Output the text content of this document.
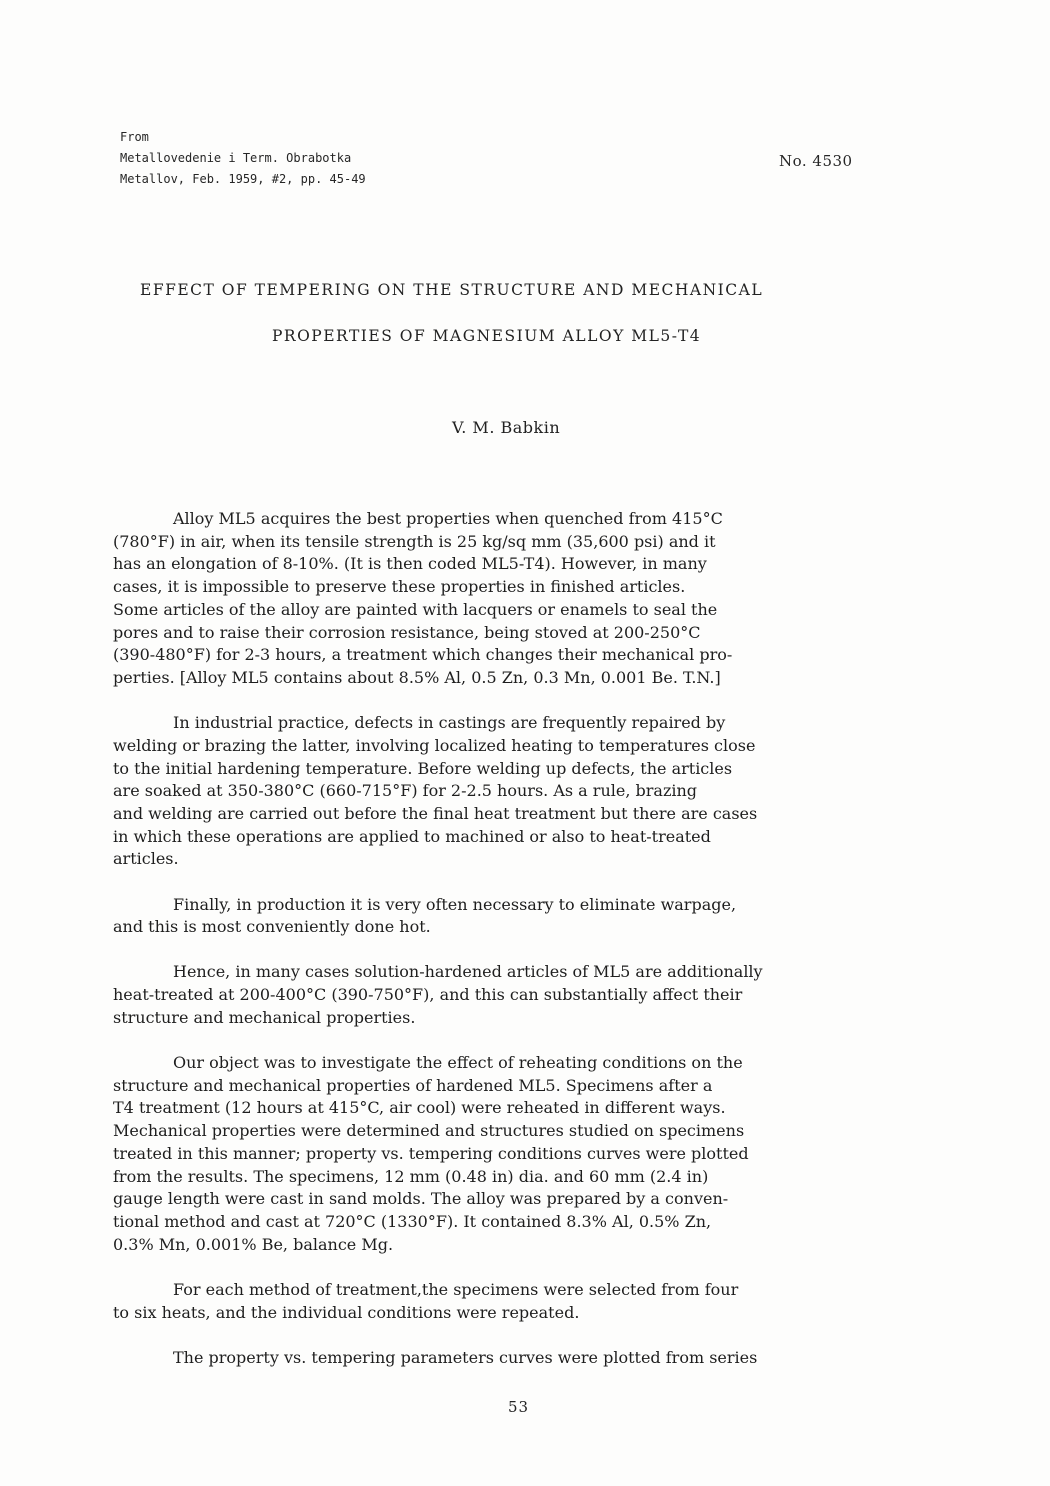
From
Metallovedenie i Term. Obrabotka
Metallov, Feb. 1959, #2, pp. 45-49
No. 4530
EFFECT OF TEMPERING ON THE STRUCTURE AND MECHANICAL
PROPERTIES OF MAGNESIUM ALLOY ML5-T4
V. M. Babkin
Alloy ML5 acquires the best properties when quenched from 415°C
(780°F) in air, when its tensile strength is 25 kg/sq mm (35,600 psi) and it
has an elongation of 8-10%. (It is then coded ML5-T4). However, in many
cases, it is impossible to preserve these properties in finished articles.
Some articles of the alloy are painted with lacquers or enamels to seal the
pores and to raise their corrosion resistance, being stoved at 200-250°C
(390-480°F) for 2-3 hours, a treatment which changes their mechanical pro-
perties. [Alloy ML5 contains about 8.5% Al, 0.5 Zn, 0.3 Mn, 0.001 Be. T.N.]
In industrial practice, defects in castings are frequently repaired by
welding or brazing the latter, involving localized heating to temperatures close
to the initial hardening temperature. Before welding up defects, the articles
are soaked at 350-380°C (660-715°F) for 2-2.5 hours. As a rule, brazing
and welding are carried out before the final heat treatment but there are cases
in which these operations are applied to machined or also to heat-treated
articles.
Finally, in production it is very often necessary to eliminate warpage,
and this is most conveniently done hot.
Hence, in many cases solution-hardened articles of ML5 are additionally
heat-treated at 200-400°C (390-750°F), and this can substantially affect their
structure and mechanical properties.
Our object was to investigate the effect of reheating conditions on the
structure and mechanical properties of hardened ML5. Specimens after a
T4 treatment (12 hours at 415°C, air cool) were reheated in different ways.
Mechanical properties were determined and structures studied on specimens
treated in this manner; property vs. tempering conditions curves were plotted
from the results. The specimens, 12 mm (0.48 in) dia. and 60 mm (2.4 in)
gauge length were cast in sand molds. The alloy was prepared by a conven-
tional method and cast at 720°C (1330°F). It contained 8.3% Al, 0.5% Zn,
0.3% Mn, 0.001% Be, balance Mg.
For each method of treatment,the specimens were selected from four
to six heats, and the individual conditions were repeated.
The property vs. tempering parameters curves were plotted from series
53
